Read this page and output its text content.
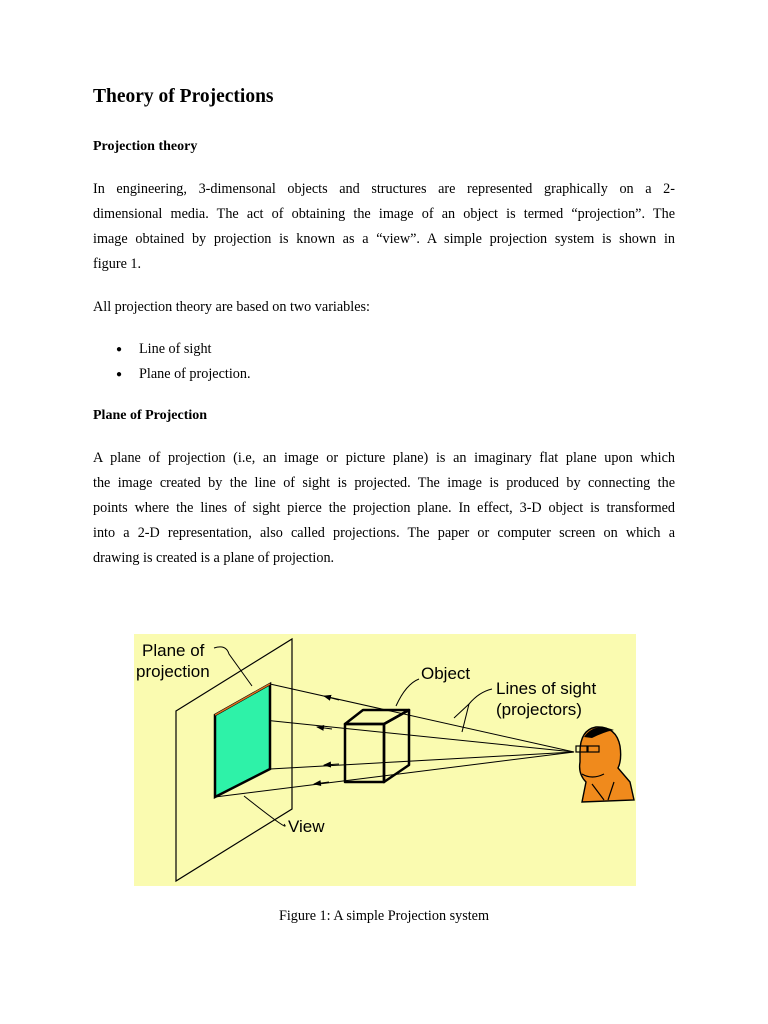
Theory of Projections
Projection theory

In engineering, 3-dimensonal objects and structures are represented graphically on a 2-
dimensional media. The act of obtaining the image of an object is termed “projection”. The
image obtained by projection is known as a “view”. A simple projection system is shown in
figure 1.

All projection theory are based on two variables:

● Line of sight
● Plane of projection.
Plane of Projection

A plane of projection (i.e, an image or picture plane) is an imaginary flat plane upon which
the image created by the line of sight is projected. The image is produced by connecting the
points where the lines of sight pierce the projection plane. In effect, 3-D object is transformed
into a 2-D representation, also called projections. The paper or computer screen on which a
drawing is created is a plane of projection.

Plane of
projection	Object
Lines of sight
(projectors)
View

Figure 1: A simple Projection system
